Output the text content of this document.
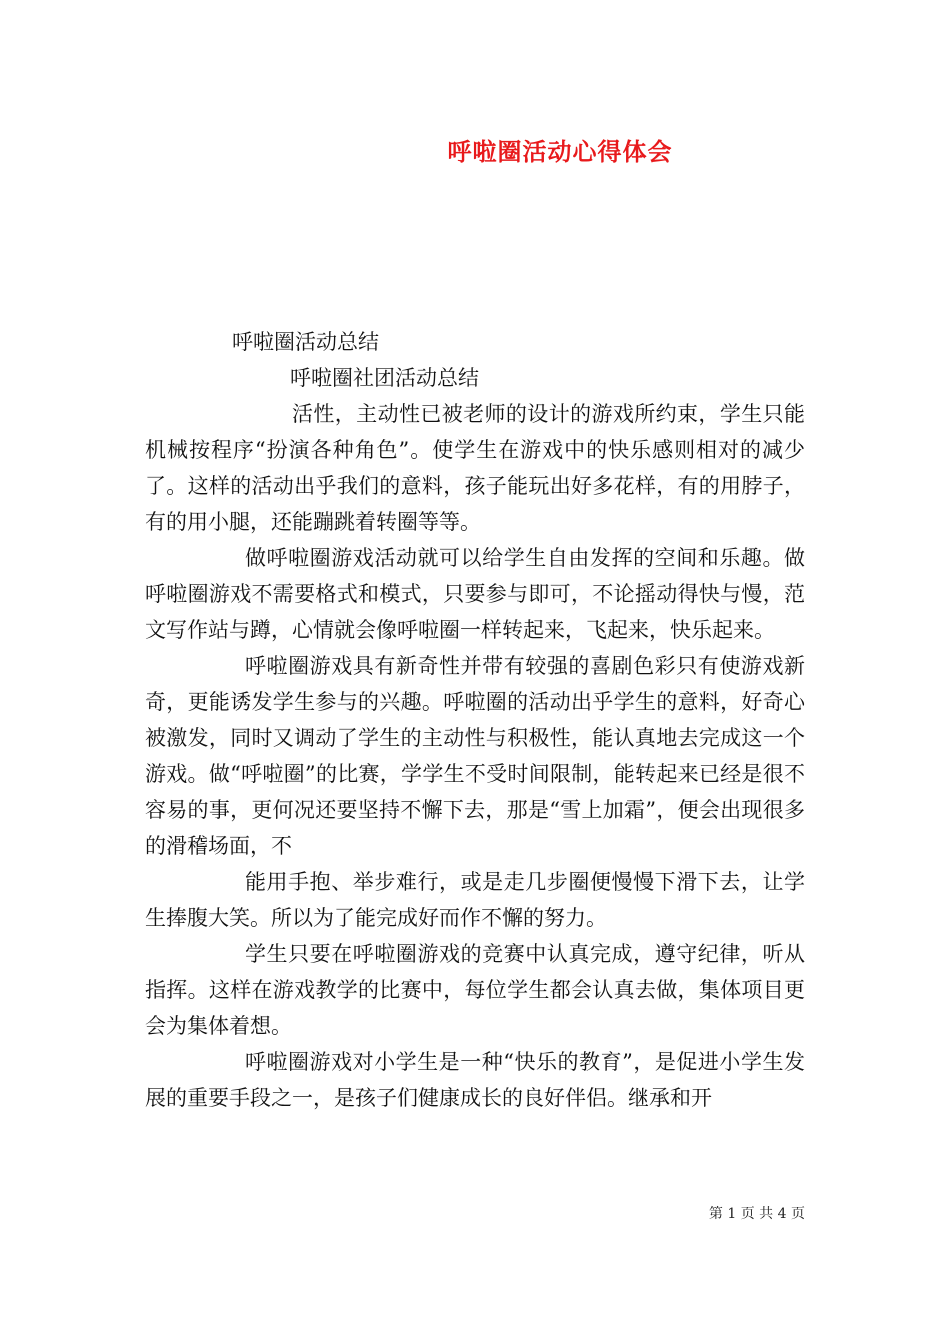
呼啦圈活动心得体会
呼啦圈活动总结
呼啦圈社团活动总结

活性，主动性已被老师的设计的游戏所约束，学生只能机械按程序“扮演各种角色”。使学生在游戏中的快乐感则相对的减少了。这样的活动出乎我们的意料，孩子能玩出好多花样，有的用脖子，有的用小腿，还能蹦跳着转圈等等。

做呼啦圈游戏活动就可以给学生自由发挥的空间和乐趣。做呼啦圈游戏不需要格式和模式，只要参与即可，不论摇动得快与慢，范文写作站与蹲，心情就会像呼啦圈一样转起来，飞起来，快乐起来。

呼啦圈游戏具有新奇性并带有较强的喜剧色彩只有使游戏新奇，更能诱发学生参与的兴趣。呼啦圈的活动出乎学生的意料，好奇心被激发，同时又调动了学生的主动性与积极性，能认真地去完成这一个游戏。做“呼啦圈”的比赛，学学生不受时间限制，能转起来已经是很不容易的事，更何况还要坚持不懈下去，那是“雪上加霜”，便会出现很多的滑稽场面，不

能用手抱、举步难行，或是走几步圈便慢慢下滑下去，让学生捧腹大笑。所以为了能完成好而作不懈的努力。

学生只要在呼啦圈游戏的竞赛中认真完成，遵守纪律，听从指挥。这样在游戏教学的比赛中，每位学生都会认真去做，集体项目更会为集体着想。

呼啦圈游戏对小学生是一种“快乐的教育”，是促进小学生发展的重要手段之一，是孩子们健康成长的良好伴侣。继承和开

第 1 页 共 4 页
